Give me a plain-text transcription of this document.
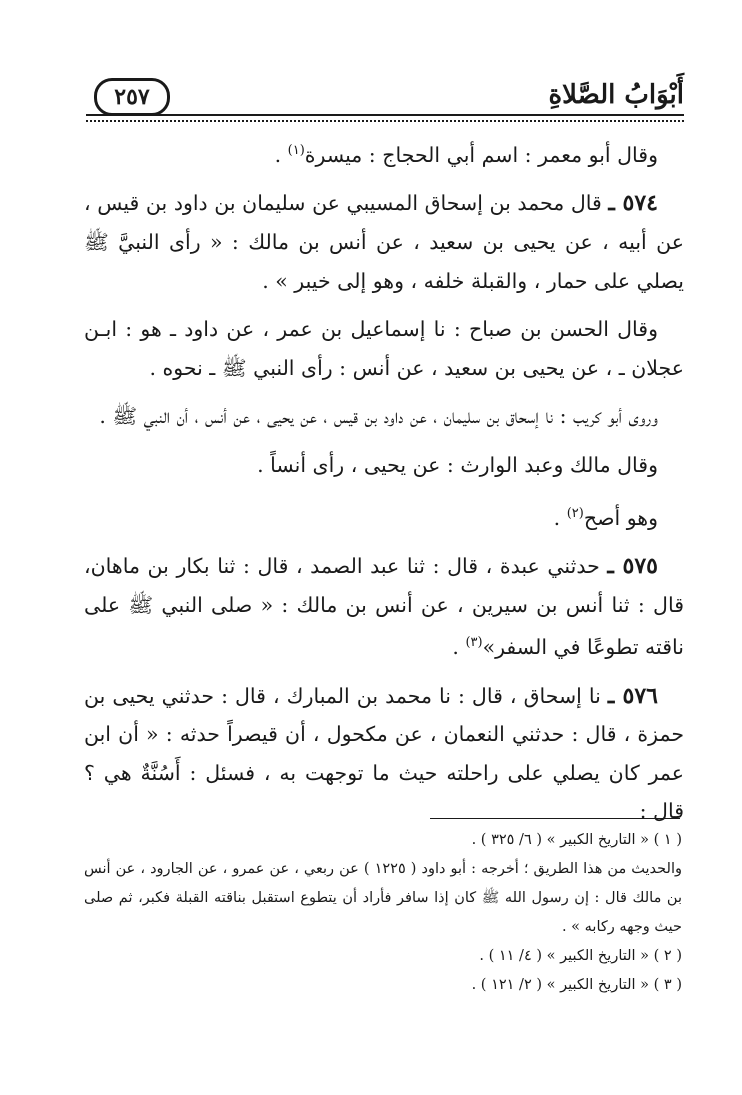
أَبْوَابُ الصَّلاةِ
٢٥٧

وقال أبو معمر : اسم أبي الحجاج : ميسرة$^{(١)}$ .

٥٧٤ ـ قال محمد بن إسحاق المسيبي عن سليمان بن داود بن قيس ، عن أبيه ، عن يحيى بن سعيد ، عن أنس بن مالك : « رأى النبيَّ ﷺ يصلي على حمار ، والقبلة خلفه ، وهو إلى خيبر » .

وقال الحسن بن صباح : نا إسماعيل بن عمر ، عن داود ـ هو : ابـن عجلان ـ ، عن يحيى بن سعيد ، عن أنس : رأى النبي ﷺ ـ نحوه .

وروى أبو كريب : نا إسحاق بن سليمان ، عن داود بن قيس ، عن يحيى ، عن أنس ، أن النبي ﷺ .

وقال مالك وعبد الوارث : عن يحيى ، رأى أنساً .

وهو أصح$^{(٢)}$ .

٥٧٥ ـ حدثني عبدة ، قال : ثنا عبد الصمد ، قال : ثنا بكار بن ماهان، قال : ثنا أنس بن سيرين ، عن أنس بن مالك : « صلى النبي ﷺ على ناقته تطوعًا في السفر»$^{(٣)}$ .

٥٧٦ ـ نا إسحاق ، قال : نا محمد بن المبارك ، قال : حدثني يحيى بن حمزة ، قال : حدثني النعمان ، عن مكحول ، أن قيصراً حدثه : « أن ابن عمر كان يصلي على راحلته حيث ما توجهت به ، فسئل : أَسُنَّةٌ هي ؟ قال :

( ١ ) « التاريخ الكبير » ( ٦/ ٣٢٥ ) .

والحديث من هذا الطريق ؛ أخرجه : أبو داود ( ١٢٢٥ ) عن ربعي ، عن عمرو ، عن الجارود ، عن أنس بن مالك قال : إن رسول الله ﷺ كان إذا سافر فأراد أن يتطوع استقبل بناقته القبلة فكبر، ثم صلى حيث وجهه ركابه » .

( ٢ ) « التاريخ الكبير » ( ٤/ ١١ ) .

( ٣ ) « التاريخ الكبير » ( ٢/ ١٢١ ) .
